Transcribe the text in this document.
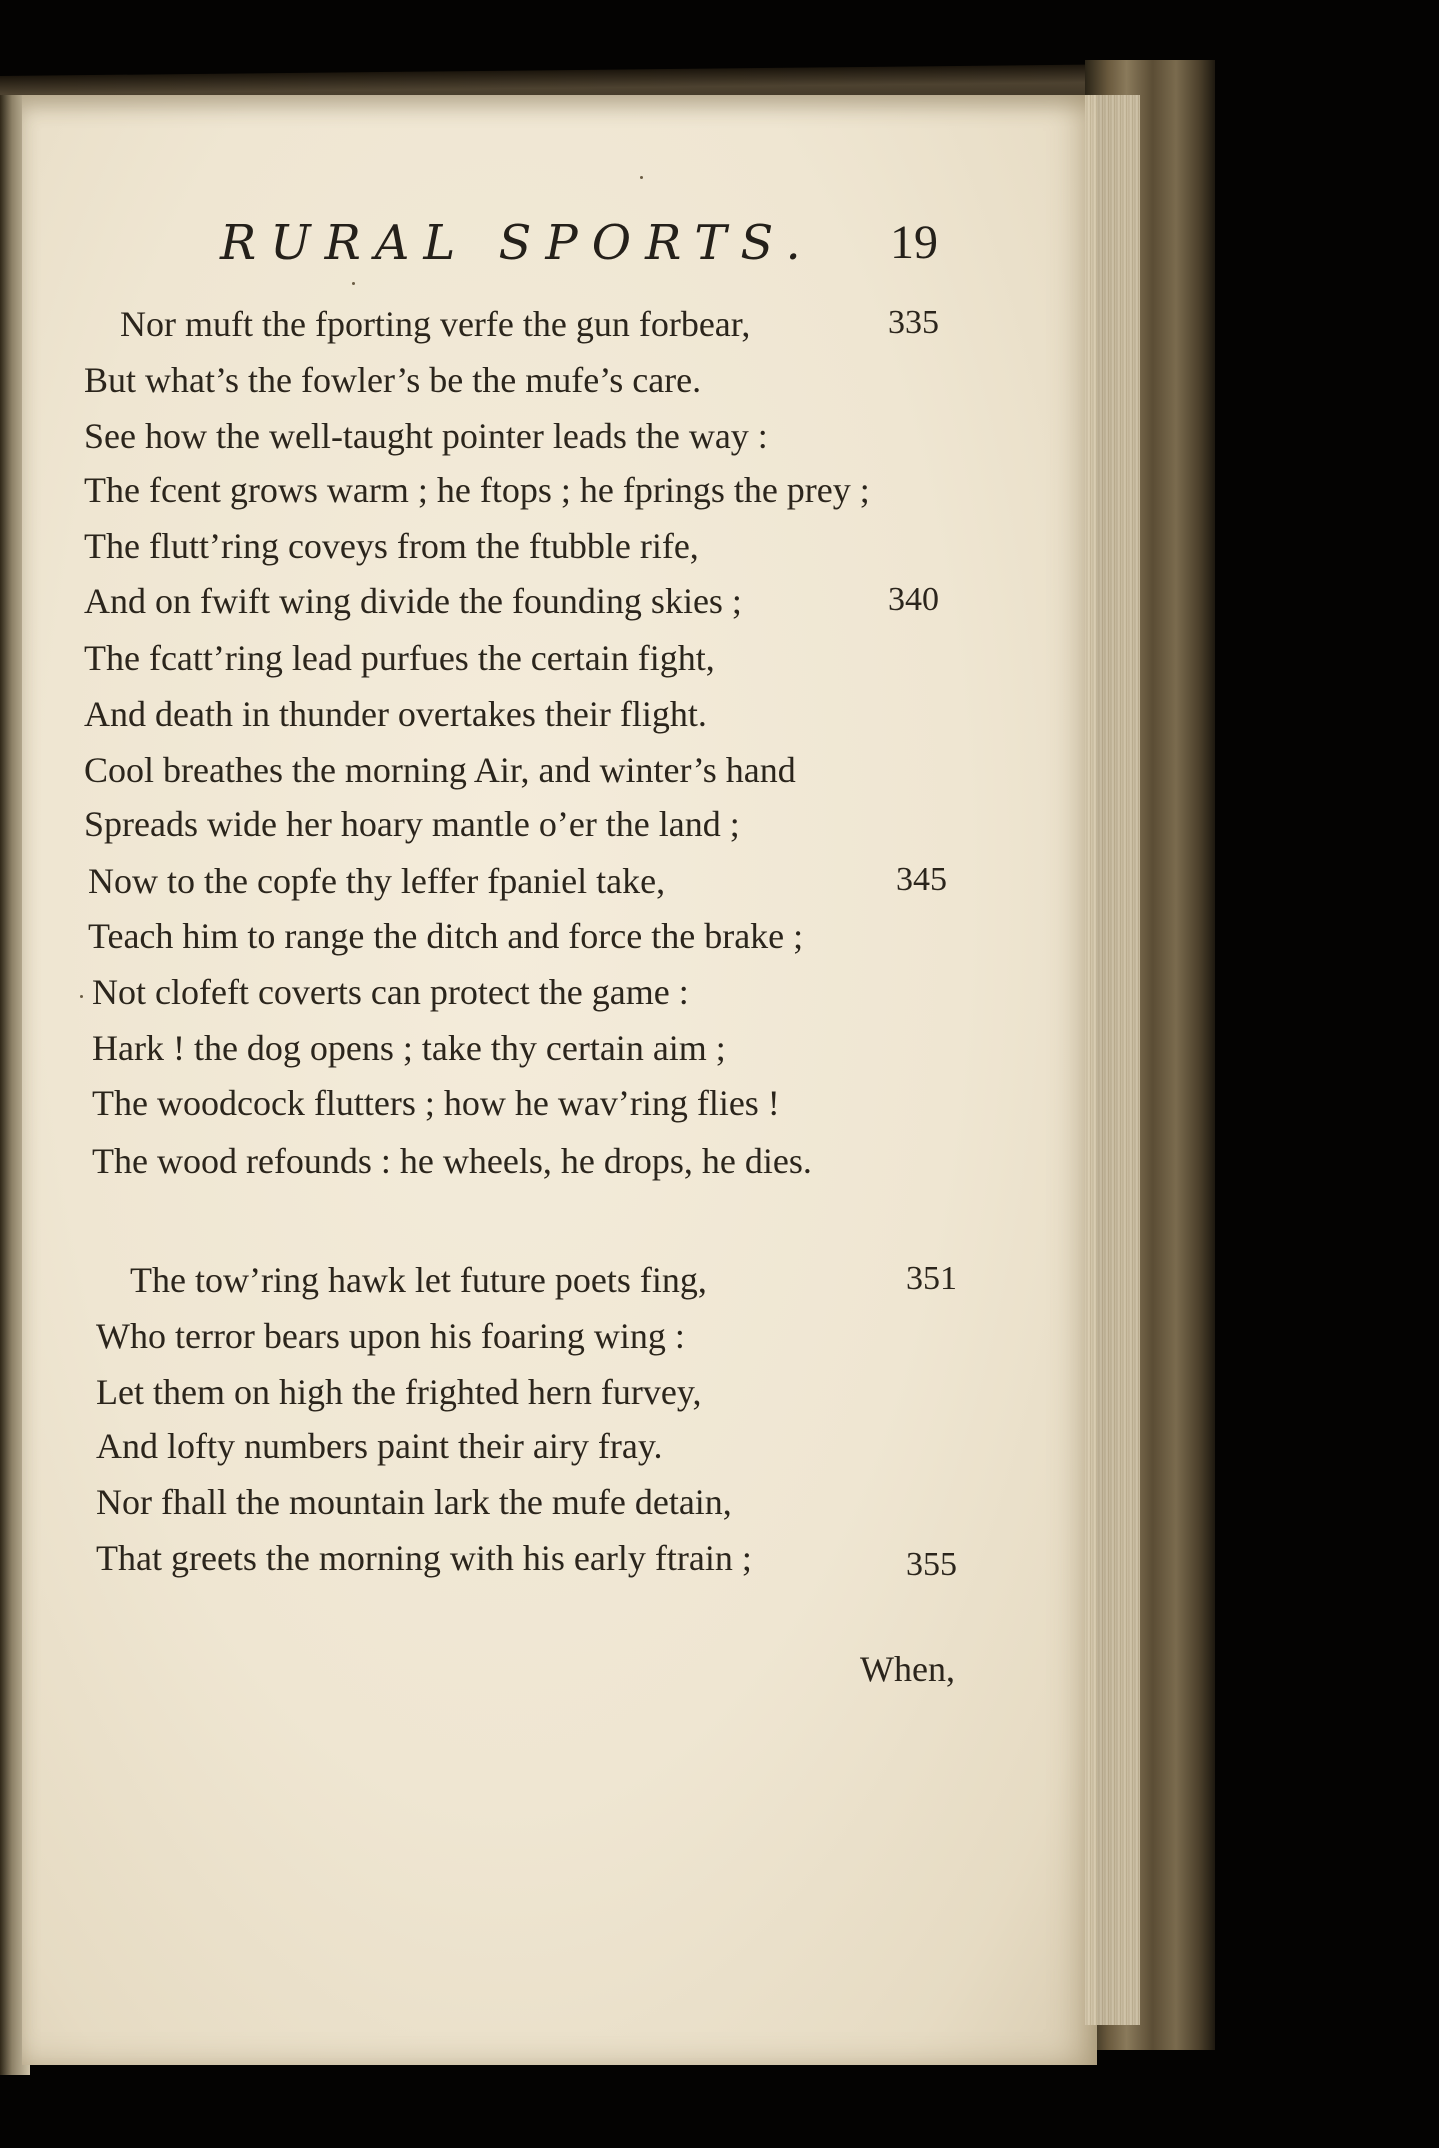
RURAL SPORTS. 19
Nor muft the fporting verfe the gun forbear,	335
But what’s the fowler’s be the mufe’s care.
See how the well-taught pointer leads the way :
The fcent grows warm ; he ftops ; he fprings the prey ;
The flutt’ring coveys from the ftubble rife,
And on fwift wing divide the founding skies ;	340
The fcatt’ring lead purfues the certain fight,
And death in thunder overtakes their flight.
Cool breathes the morning Air, and winter’s hand
Spreads wide her hoary mantle o’er the land ;
Now to the copfe thy leffer fpaniel take,	345
Teach him to range the ditch and force the brake ;
Not clofeft coverts can protect the game :
Hark ! the dog opens ; take thy certain aim ;
The woodcock flutters ; how he wav’ring flies !
The wood refounds : he wheels, he drops, he dies.
The tow’ring hawk let future poets fing,	351
Who terror bears upon his foaring wing :
Let them on high the frighted hern furvey,
And lofty numbers paint their airy fray.
Nor fhall the mountain lark the mufe detain,
That greets the morning with his early ftrain ;	355
When,
